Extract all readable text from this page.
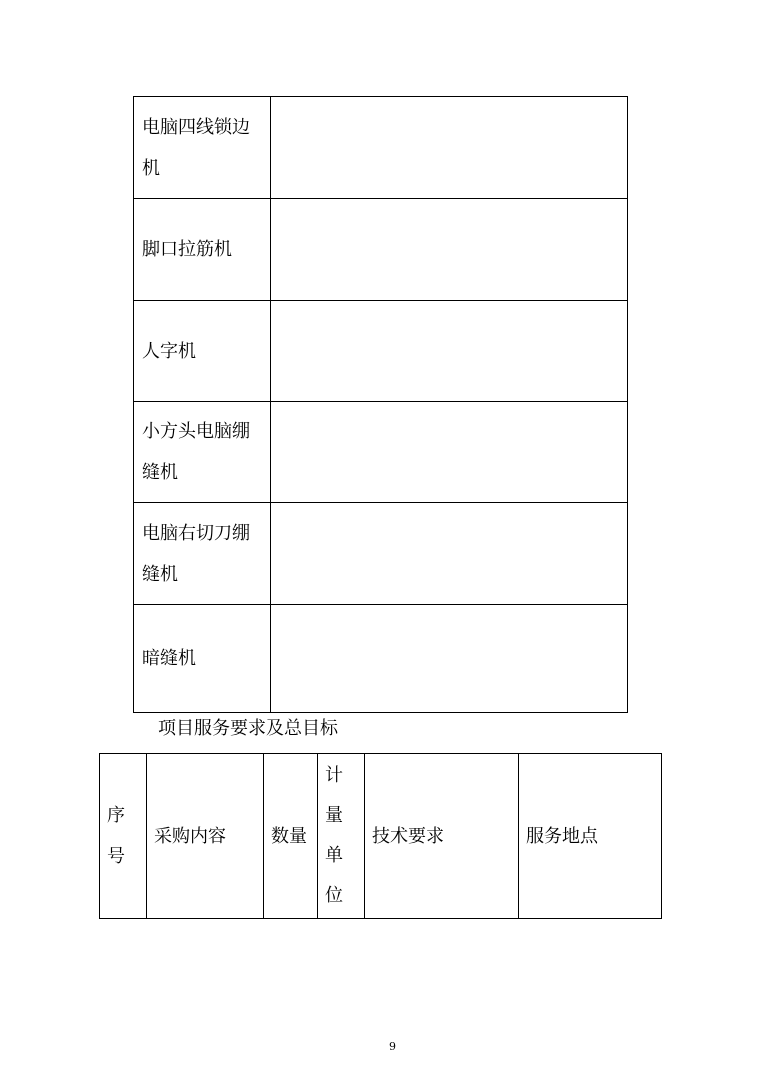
电脑四线锁边机	
脚口拉筋机	
人字机	
小方头电脑绷缝机	
电脑右切刀绷缝机	
暗缝机	
项目服务要求及总目标
序号	采购内容	数量	计量单位	技术要求	服务地点
9
